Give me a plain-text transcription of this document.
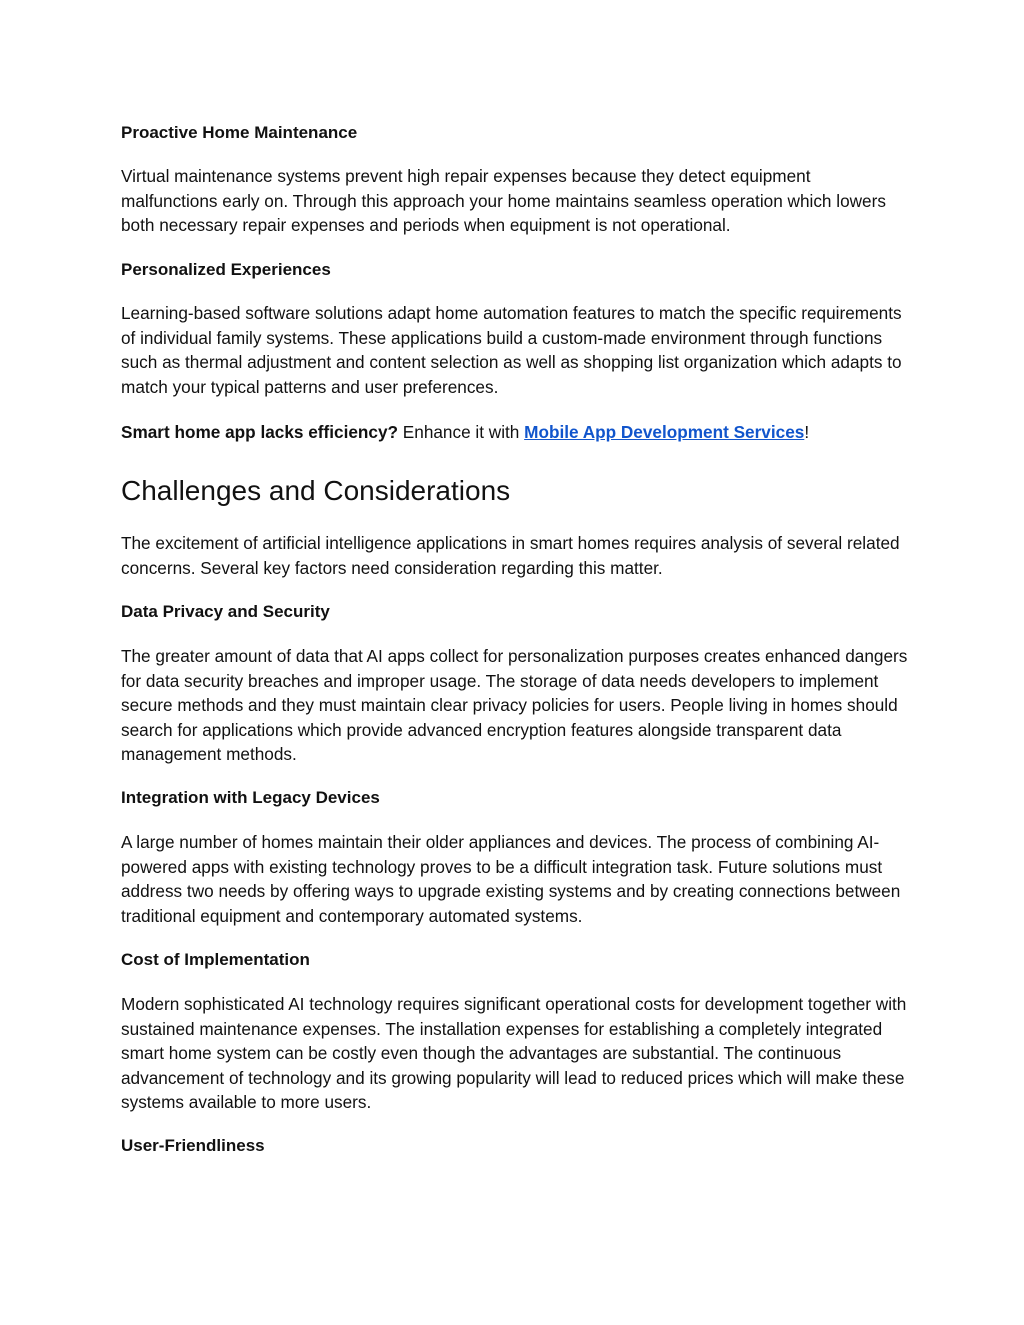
Proactive Home Maintenance

Virtual maintenance systems prevent high repair expenses because they detect equipment malfunctions early on. Through this approach your home maintains seamless operation which lowers both necessary repair expenses and periods when equipment is not operational.

Personalized Experiences

Learning-based software solutions adapt home automation features to match the specific requirements of individual family systems. These applications build a custom-made environment through functions such as thermal adjustment and content selection as well as shopping list organization which adapts to match your typical patterns and user preferences.

Smart home app lacks efficiency? Enhance it with Mobile App Development Services!

Challenges and Considerations

The excitement of artificial intelligence applications in smart homes requires analysis of several related concerns. Several key factors need consideration regarding this matter.

Data Privacy and Security

The greater amount of data that AI apps collect for personalization purposes creates enhanced dangers for data security breaches and improper usage. The storage of data needs developers to implement secure methods and they must maintain clear privacy policies for users. People living in homes should search for applications which provide advanced encryption features alongside transparent data management methods.

Integration with Legacy Devices

A large number of homes maintain their older appliances and devices. The process of combining AI-powered apps with existing technology proves to be a difficult integration task. Future solutions must address two needs by offering ways to upgrade existing systems and by creating connections between traditional equipment and contemporary automated systems.

Cost of Implementation

Modern sophisticated AI technology requires significant operational costs for development together with sustained maintenance expenses. The installation expenses for establishing a completely integrated smart home system can be costly even though the advantages are substantial. The continuous advancement of technology and its growing popularity will lead to reduced prices which will make these systems available to more users.

User-Friendliness
